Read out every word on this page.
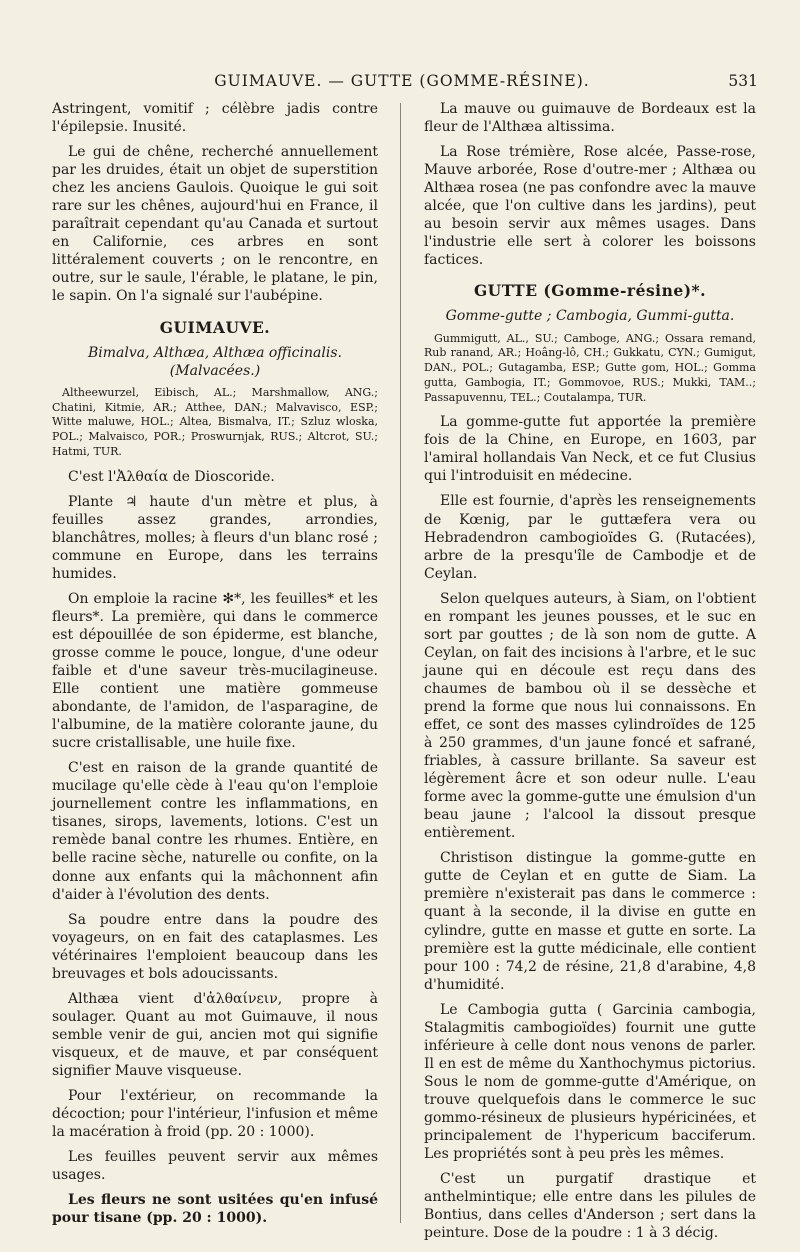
GUIMAUVE. — GUTTE (GOMME-RÉSINE).	531

Astringent, vomitif ; célèbre jadis contre l'épilepsie. Inusité.

Le gui de chêne, recherché annuellement par les druides, était un objet de superstition chez les anciens Gaulois. Quoique le gui soit rare sur les chênes, aujourd'hui en France, il paraîtrait cependant qu'au Canada et surtout en Californie, ces arbres en sont littéralement couverts ; on le rencontre, en outre, sur le saule, l'érable, le platane, le pin, le sapin. On l'a signalé sur l'aubépine.

GUIMAUVE.
Bimalva, Althæa, Althæa officinalis. (Malvacées.)
Altheewurzel, Eibisch, AL.; Marshmallow, ANG.; Chatini, Kitmie, AR.; Atthee, DAN.; Malvavisco, ESP.; Witte maluwe, HOL.; Altea, Bismalva, IT.; Szluz wloska, POL.; Malvaisco, POR.; Proswurnjak, RUS.; Altcrot, SU.; Hatmi, TUR.

C'est l'Ἀλθαία de Dioscoride.

Plante ♃ haute d'un mètre et plus, à feuilles assez grandes, arrondies, blanchâtres, molles; à fleurs d'un blanc rosé ; commune en Europe, dans les terrains humides.

On emploie la racine ✻*, les feuilles* et les fleurs*. La première, qui dans le commerce est dépouillée de son épiderme, est blanche, grosse comme le pouce, longue, d'une odeur faible et d'une saveur très-mucilagineuse. Elle contient une matière gommeuse abondante, de l'amidon, de l'asparagine, de l'albumine, de la matière colorante jaune, du sucre cristallisable, une huile fixe.

C'est en raison de la grande quantité de mucilage qu'elle cède à l'eau qu'on l'emploie journellement contre les inflammations, en tisanes, sirops, lavements, lotions. C'est un remède banal contre les rhumes. Entière, en belle racine sèche, naturelle ou confite, on la donne aux enfants qui la mâchonnent afin d'aider à l'évolution des dents.

Sa poudre entre dans la poudre des voyageurs, on en fait des cataplasmes. Les vétérinaires l'emploient beaucoup dans les breuvages et bols adoucissants.

Althæa vient d'ἀλθαίνειν, propre à soulager. Quant au mot Guimauve, il nous semble venir de gui, ancien mot qui signifie visqueux, et de mauve, et par conséquent signifier Mauve visqueuse.

Pour l'extérieur, on recommande la décoction; pour l'intérieur, l'infusion et même la macération à froid (pp. 20 : 1000).

Les feuilles peuvent servir aux mêmes usages.

Les fleurs ne sont usitées qu'en infusé pour tisane (pp. 20 : 1000).

La mauve ou guimauve de Bordeaux est la fleur de l'Althæa altissima.

La Rose trémière, Rose alcée, Passe-rose, Mauve arborée, Rose d'outre-mer ; Althæa ou Althæa rosea (ne pas confondre avec la mauve alcée, que l'on cultive dans les jardins), peut au besoin servir aux mêmes usages. Dans l'industrie elle sert à colorer les boissons factices.

GUTTE (Gomme-résine)*.
Gomme-gutte ; Cambogia, Gummi-gutta.
Gummigutt, AL., SU.; Camboge, ANG.; Ossara remand, Rub ranand, AR.; Hoâng-lô, CH.; Gukkatu, CYN.; Gumigut, DAN., POL.; Gutagamba, ESP.; Gutte gom, HOL.; Gomma gutta, Gambogia, IT.; Gommovoe, RUS.; Mukki, TAM..; Passapuvennu, TEL.; Coutalampa, TUR.

La gomme-gutte fut apportée la première fois de la Chine, en Europe, en 1603, par l'amiral hollandais Van Neck, et ce fut Clusius qui l'introduisit en médecine.

Elle est fournie, d'après les renseignements de Kœnig, par le guttæfera vera ou Hebradendron cambogioïdes G. (Rutacées), arbre de la presqu'île de Cambodje et de Ceylan.

Selon quelques auteurs, à Siam, on l'obtient en rompant les jeunes pousses, et le suc en sort par gouttes ; de là son nom de gutte. A Ceylan, on fait des incisions à l'arbre, et le suc jaune qui en découle est reçu dans des chaumes de bambou où il se dessèche et prend la forme que nous lui connaissons. En effet, ce sont des masses cylindroïdes de 125 à 250 grammes, d'un jaune foncé et safrané, friables, à cassure brillante. Sa saveur est légèrement âcre et son odeur nulle. L'eau forme avec la gomme-gutte une émulsion d'un beau jaune ; l'alcool la dissout presque entièrement.

Christison distingue la gomme-gutte en gutte de Ceylan et en gutte de Siam. La première n'existerait pas dans le commerce : quant à la seconde, il la divise en gutte en cylindre, gutte en masse et gutte en sorte. La première est la gutte médicinale, elle contient pour 100 : 74,2 de résine, 21,8 d'arabine, 4,8 d'humidité.

Le Cambogia gutta ( Garcinia cambogia, Stalagmitis cambogioïdes) fournit une gutte inférieure à celle dont nous venons de parler. Il en est de même du Xanthochymus pictorius. Sous le nom de gomme-gutte d'Amérique, on trouve quelquefois dans le commerce le suc gommo-résineux de plusieurs hypéricinées, et principalement de l'hypericum bacciferum. Les propriétés sont à peu près les mêmes.

C'est un purgatif drastique et anthelmintique; elle entre dans les pilules de Bontius, dans celles d'Anderson ; sert dans la peinture. Dose de la poudre : 1 à 3 décig.
